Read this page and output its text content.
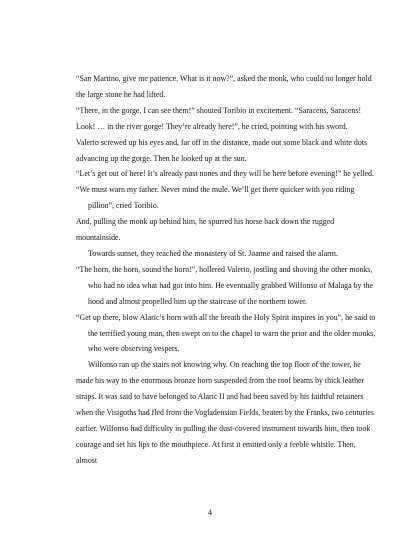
“San Martino, give me patience. What is it now?”, asked the monk, who could no longer hold the large stone he had lifted.

“There, in the gorge, I can see them!” shouted Toribio in excitement. “Saracens, Saracens! Look! … in the river gorge! They’re already here!”, he cried, pointing with his sword.

Valerio screwed up his eyes and, far off in the distance, made out some black and white dots advancing up the gorge. Then he looked up at the sun.

“Let’s get out of here! It’s already past nones and they will be here before evening!” he yelled.

“We must warn my father. Never mind the mule. We’ll get there quicker with you riding pillion”, cried Toribio.

And, pulling the monk up behind him, he spurred his horse back down the rugged mountainside.

Towards sunset, they reached the monastery of St. Joanne and raised the alarm.

“The horn, the horn, sound the horn!”, hollered Valerio, jostling and shoving the other monks, who had no idea what had got into him. He eventually grabbed Wilfonso of Malaga by the hood and almost propelled him up the staircase of the northern tower.

“Get up there, blow Alaric’s horn with all the breath the Holy Spirit inspires in you”, he said to the terrified young man, then swept on to the chapel to warn the prior and the older monks, who were observing vespers.

Wilfonso ran up the stairs not knowing why. On reaching the top floor of the tower, he made his way to the enormous bronze horn suspended from the roof beams by thick leather straps. It was said to have belonged to Alaric II and had been saved by his faithful retainers when the Visigoths had fled from the Vogladensian Fields, beaten by the Franks, two centuries earlier. Wilfonso had difficulty in pulling the dust-covered instrument towards him, then took courage and set his lips to the mouthpiece. At first it emitted only a feeble whistle. Then, almost

4
